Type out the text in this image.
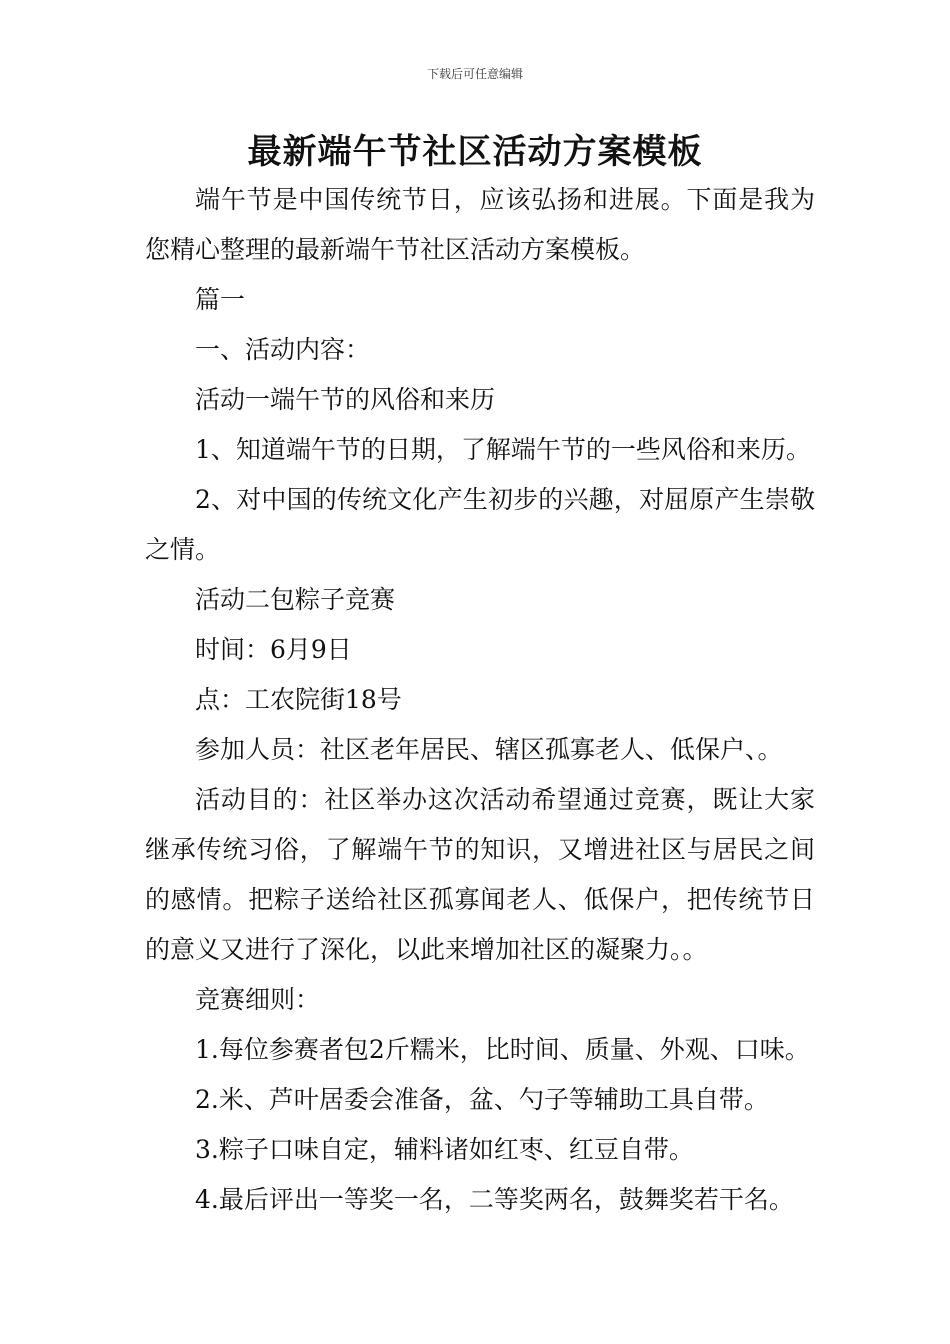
下载后可任意编辑
最新端午节社区活动方案模板

端午节是中国传统节日，应该弘扬和进展。下面是我为您精心整理的最新端午节社区活动方案模板。

篇一

一、活动内容：

活动一端午节的风俗和来历

1、知道端午节的日期，了解端午节的一些风俗和来历。

2、对中国的传统文化产生初步的兴趣，对屈原产生崇敬之情。

活动二包粽子竞赛

时间：6月9日

点：工农院街18号

参加人员：社区老年居民、辖区孤寡老人、低保户、。

活动目的：社区举办这次活动希望通过竞赛，既让大家继承传统习俗，了解端午节的知识，又增进社区与居民之间的感情。把粽子送给社区孤寡闻老人、低保户，把传统节日的意义又进行了深化，以此来增加社区的凝聚力。。

竞赛细则：

1.每位参赛者包2斤糯米，比时间、质量、外观、口味。

2.米、芦叶居委会准备，盆、勺子等辅助工具自带。

3.粽子口味自定，辅料诸如红枣、红豆自带。

4.最后评出一等奖一名，二等奖两名，鼓舞奖若干名。
